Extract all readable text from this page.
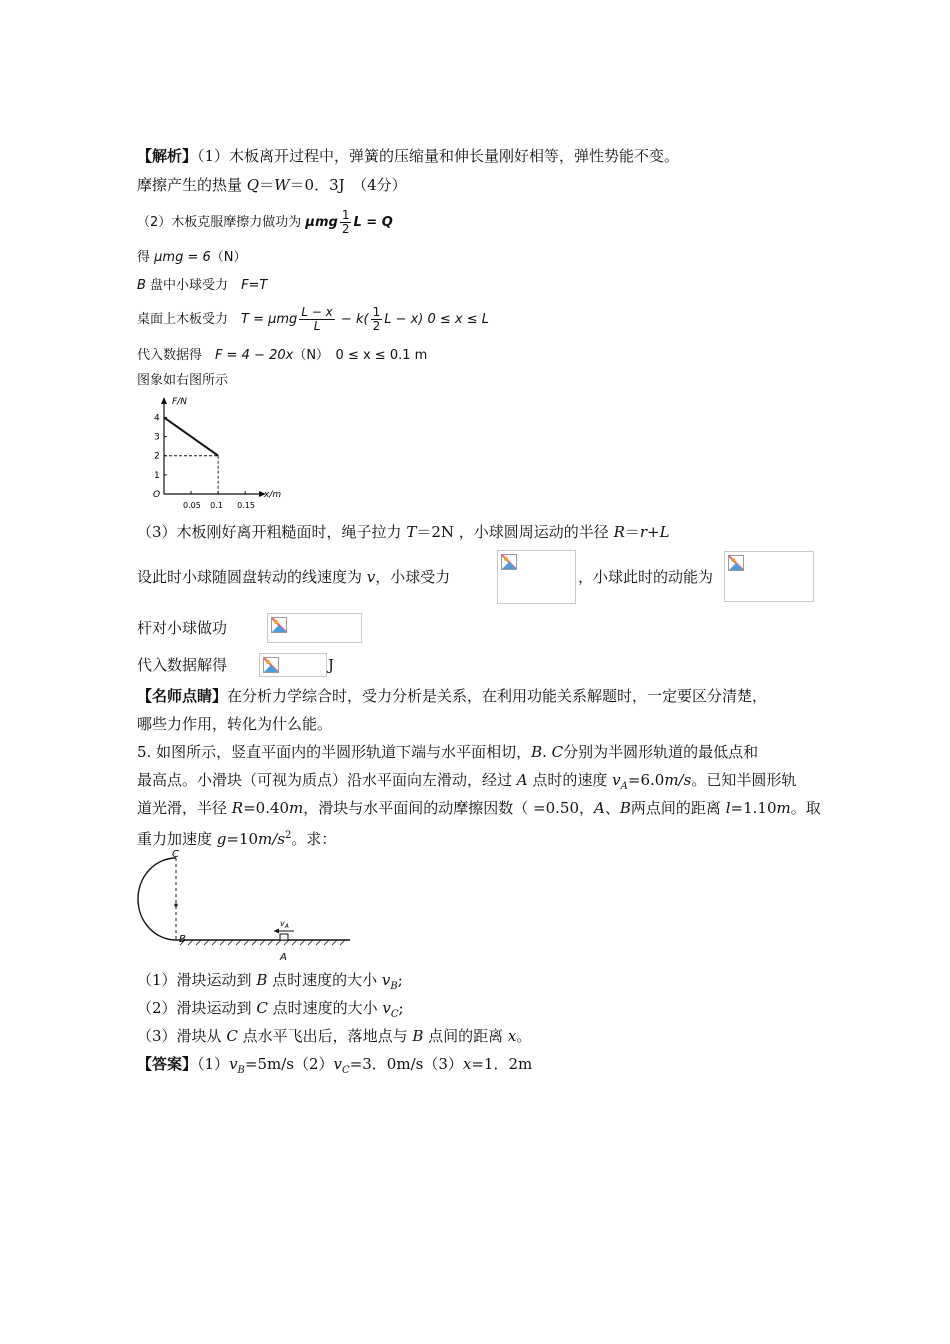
【解析】（1）木板离开过程中，弹簧的压缩量和伸长量刚好相等，弹性势能不变。
摩擦产生的热量 Q＝W＝0．3J　（4分）
（2）木板克服摩擦力做功为 μmg $\frac{1}{2}$ L = Q
得 μmg = 6（N）
B 盘中小球受力　F=T
桌面上木板受力　T = μmg $\frac{L - x}{L} - k( \frac{1}{2}$ L − x) 0 ≤ x ≤ L
代入数据得　F = 4 − 20x（N）　0 ≤ x ≤ 0.1 m
图象如右图所示
F/N
x/m
O
1
2
3
4
0.05 0.1 0.15
（3）木板刚好离开粗糙面时，绳子拉力 T＝2N ，小球圆周运动的半径 R＝r+L
设此时小球随圆盘转动的线速度为 v，小球受力	，小球此时的动能为
杆对小球做功
代入数据解得	J
【名师点睛】在分析力学综合时，受力分析是关系，在利用功能关系解题时，一定要区分清楚，
哪些力作用，转化为什么能。
5. 如图所示，竖直平面内的半圆形轨道下端与水平面相切，B. C分别为半圆形轨道的最低点和
最高点。小滑块（可视为质点）沿水平面向左滑动，经过 A 点时的速度 $v_A=6.0m/s$。已知半圆形轨
道光滑，半径 R=0.40m，滑块与水平面间的动摩擦因数（ =0.50，A、B两点间的距离 l=1.10m。取
重力加速度 $g=10m/s^2$。求：
$v_A$
C
B
A
（1）滑块运动到 B 点时速度的大小 $v_B$;
（2）滑块运动到 C 点时速度的大小 $v_C$;
（3）滑块从 C 点水平飞出后，落地点与 B 点间的距离 x。
【答案】$(1)v_B=5m/s(2)v_C=3$．0m/s（3）x=1．2m
